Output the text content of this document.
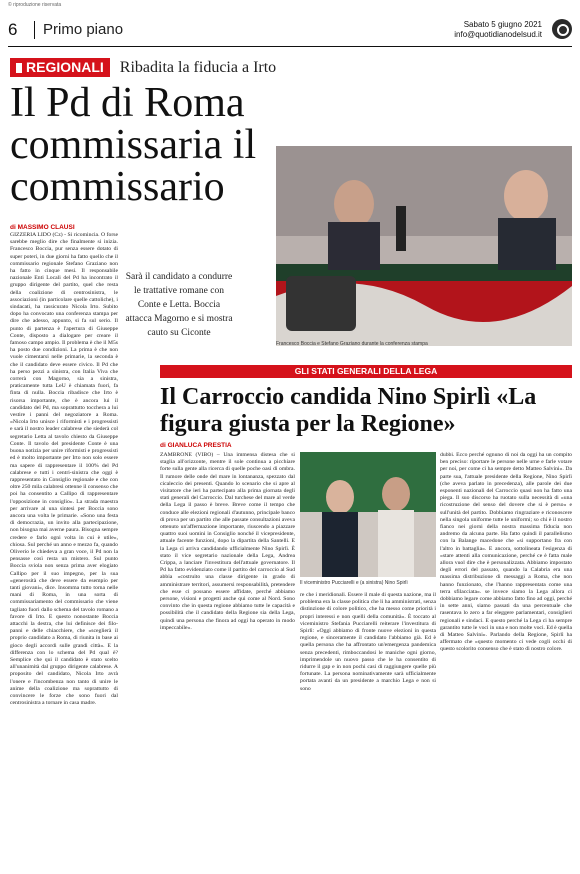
© riproduzione riservata
6 Primo piano	Sabato 5 giugno 2021
info@quotidianodelsud.it
REGIONALI	Ribadita la fiducia a Irto
Il Pd di Roma commissaria il commissario
di MASSIMO CLAUSI
GIZZERIA LIDO (Cz) - Si ricomincia. O forse sarebbe meglio dire che finalmente si inizia. Francesco Boccia, pur senza essere dotato di super poteri, in due giorni ha fatto quello che il commissario regionale Stefano Graziano non ha fatto in cinque mesi. Il responsabile nazionale Enti Locali del Pd ha incontrato il gruppo dirigente del partito, quel che resta della coalizione di centrosinistra, le associazioni (in particolare quelle cattoliche), i sindacati, ha rassicurato Nicola Irto. Subito dopo ha convocato una conferenza stampa per dire che adesso, appunto, si fa sul serio. Il punto di partenza è l'apertura di Giuseppe Conte, disposto a dialogare per creare il famoso campo ampio. Il problema è che il M5s ha posto due condizioni. La prima è che non vuole cimentarsi nelle primarie, la seconda è che il candidato deve essere civico. Il Pd che ha perso pezzi a sinistra, con Italia Viva che correrà con Magorno, sia a sinistra, praticamente tutta LeU è chiamata fuori, fa finta di nulla. Boccia ribadisce che Irto è risorsa importante, che è ancora lui il candidato del Pd, ma soprattutto tocchera a lui vestire i panni del negoziatore a Roma. «Nicola Irto unisce i riformisti e i progressisti e sarà il nostro leader calabrese che siederà col segretario Letta al tavolo chiesto da Giuseppe Conte. Il tavolo del presidente Conte è una buona notizia per unire riformisti e progressisti ed è molto importante per Irto non solo essere ma sapere di rappresentare il 100% del Pd calabrese e tutti i centri-sinistra che oggi è rappresentato in Consiglio regionale e che con oltre 250 mila calabresi ottenne il consenso che poi ha consentito a Callipo di rappresentare l'opposizione in consiglio». La strada maestra per arrivare al una sintesi per Boccia sono ancora una volta le primarie. «Sono una festa di democrazia, un invito alla partecipazione, non bisogna mai averne paura. Bisogna sempre credere e farlo ogni volta in cui è utile», chiosa. Sul perché un anno e mezzo fa, quando Oliverio le chiedeva a gran voce, il Pd non la pensasse così resta un mistero. Sul punto Boccia sviola non senza prima aver elogiato Callipo per il suo impegno, per la sua «generosità che deve essere da esempio per tanti giovani», dice. Insomma tutto torna nelle mani di Roma, in una sorta di commissariamento del commissario che viene tagliato fuori dallo schema del tavolo romano a favore di Irto. E questo nonostante Boccia attacchi la destra, che lui definisce dei filo-panni e delle chiacchiere, che «sceglierà il proprio candidato a Roma, di riunita in base ai gioco degli accordi sulle grandi città». E la differenza con lo schema del Pd qual è? Semplice che qui il candidato è stato scelto all'unanimità dal gruppo dirigente calabrese. A proposito del candidato, Nicola Irto avrà l'onere e l'incombenza non tanto di unire le anime della coalizione ma soprattutto di convincere le forze che sono fuori dal centrosinistra a tornare in casa madre.
Sarà il candidato a condurre le trattative romane con Conte e Letta. Boccia attacca Magorno e si mostra cauto su Ciconte
Francesco Boccia e Stefano Graziano durante la conferenza stampa
GLI STATI GENERALI DELLA LEGA
Il Carroccio candida Nino Spirlì «La figura giusta per la Regione»
di GIANLUCA PRESTIA
ZAMBRONE (VIBO) – Una immensa distesa che si staglia all'orizzonte, mentre il sole continua a picchiare forte sulla gente alla ricerca di quelle poche oasi di ombra. Il rumore delle onde del mare in lontananza, spezzato dal cicaleccio dei presenti. Quando lo scenario che si apre al visitatore che ieri ha partecipato alla prima giornata degli stati generali del Carroccio. Dal turchese del mare al verde della Lega il passo è breve. Breve come il tempo che conduce alle elezioni regionali d'autunno, principale banco di prova per un partito che alle passate consultazioni aveva ottenuto un'affermazione importante, riuscendo a piazzare quattro suoi uomini in Consiglio nonché il vicepresidente, attuale facente funzioni, dopo la dipartita della Santelli. E la Lega ci arriva candidando ufficialmente Nino Spirlì. È stato il vice segretario nazionale della Lega, Andrea Crippa, a lanciare l'investitura dell'attuale governatore. Il Pd ha fatto evidenziato come il partito del carroccio al Sud abbia «costruito una classe dirigente in grado di amministrare territori, assumersi responsabilità, pretendere che esse ci possano essere affidate, perché abbiamo persone, visioni e progetti anche qui come al Nord. Sono convinto che in questa regione abbiamo tutte le capacità e possibilità che il candidato della Regione sia della Lega, quindi una persona che finora ad oggi ha operato in modo impeccabile».
Il viceministro Pucciarelli e (a sinistra) Nino Spirlì
re che i meridionali. Essere il male di questa nazione, ma il problema era la classe politica che li ha amministrati, senza distinzione di colore politico, che ha messo come priorità i propri interessi e non quelli della comunità». È toccato al viceministro Stefania Pucciarelli reiterare l'investitura di Spirlì: «Oggi abbiamo di fronte nuove elezioni in questa regione, e sinceramente il candidato l'abbiamo già. Ed è quella persona che ha affrontato un'emergenza pandemica senza precedenti, rimboccandosi le maniche ogni giorno, imprimendole un nuovo passo che le ha consentito di ridurre il gap e in non pochi casi di raggiungere quelle più fortunate. La persona nominativamente sarà ufficialmente portata avanti da un presidente a marchio Lega e non si sono
dubbi. Ecco perché ognuno di noi da oggi ha un compito ben preciso: riportare le persone nelle urne e farle votare per noi, per come ci ha sempre detto Matteo Salvini». Da parte sua, l'attuale presidente della Regione, Nino Spirlì (che aveva parlato in precedenza), alle parole dei due esponenti nazionali del Carroccio quasi non ha fatto una piega. Il suo discorso ha ruotato sulla necessità di «una ricostruzione del senso del dovere che si è perso» e sull'unità del partito. Dobbiamo ringraziare e riconoscere nella singola uniforme tutte le uniformi; so chi è il nostro fianco nei giorni della nostra massima fiducia non andremo da alcuna parte. Ha fatto quindi il parallelismo con la Balange macedone che «si supportano fra con l'altro in battaglia». E ancora, sottolineata l'esigenza di «stare attenti alla comunicazione, perché ce è fatta male allora vuol dire che è personalizzata. Abbiamo impostato degli errori del passato, quando la Calabria era una massima distribuzione di messaggi a Roma, che non hanno funzionato, che l'hanno rappresentata come una terra sfilacciata». se invece siamo la Lega allora ci dobbiamo legare come abbiamo fatto fino ad oggi, perché in sette anni, siamo passati da una percentuale che rasentava lo zero a far eleggere parlamentari, consiglieri regionali e sindaci. E questo perché la Lega ci ha sempre garantito tutte le voci in una e non molte voci. Ed è quella di Matteo Salvini». Parlando della Regione, Spirlì ha affermato che «questo momento ci vede cogli occhi di questo scolorito consenso che è stato di nostro colore.
